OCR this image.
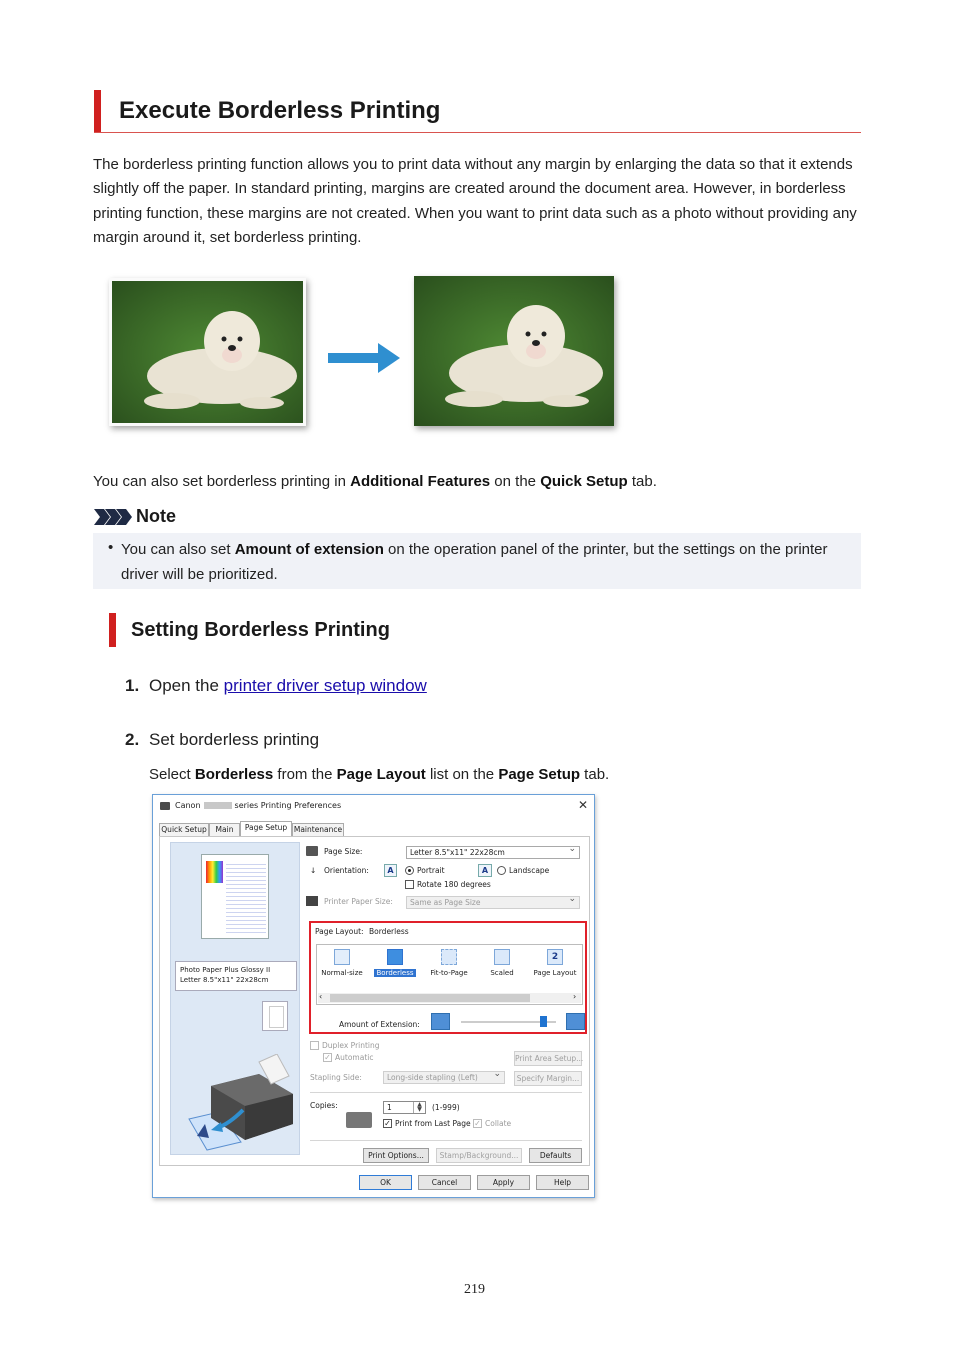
Execute Borderless Printing

The borderless printing function allows you to print data without any margin by enlarging the data so that it extends slightly off the paper. In standard printing, margins are created around the document area. However, in borderless printing function, these margins are not created. When you want to print data such as a photo without providing any margin around it, set borderless printing.

You can also set borderless printing in Additional Features on the Quick Setup tab.

Note
• You can also set Amount of extension on the operation panel of the printer, but the settings on the printer driver will be prioritized.

Setting Borderless Printing
1. Open the printer driver setup window
2. Set borderless printing

Select Borderless from the Page Layout list on the Page Setup tab.

Canon	series Printing Preferences	✕
Quick Setup	Main	Page Setup Maintenance
Photo Paper Plus Glossy II
Letter 8.5"x11" 22x28cm
Page Size:	Letter 8.5"x11" 22x28cm ⌄
↓ Orientation:	A	Portrait	A	Landscape
Rotate 180 degrees
Printer Paper Size:	Same as Page Size ⌄
Page Layout: Borderless
Normal-size	Borderless	Fit-to-Page	Scaled
2
Page Layout
‹	›
Amount of Extension:
Duplex Printing
✓ Automatic	Print Area Setup...
Stapling Side:	Long-side stapling (Left) ⌄	Specify Margin...
Copies:	1	▲
▼	(1-999)
✓ Print from Last Page ✓ Collate
Print Options...	Stamp/Background...	Defaults
OK	Cancel	Apply	Help
219
